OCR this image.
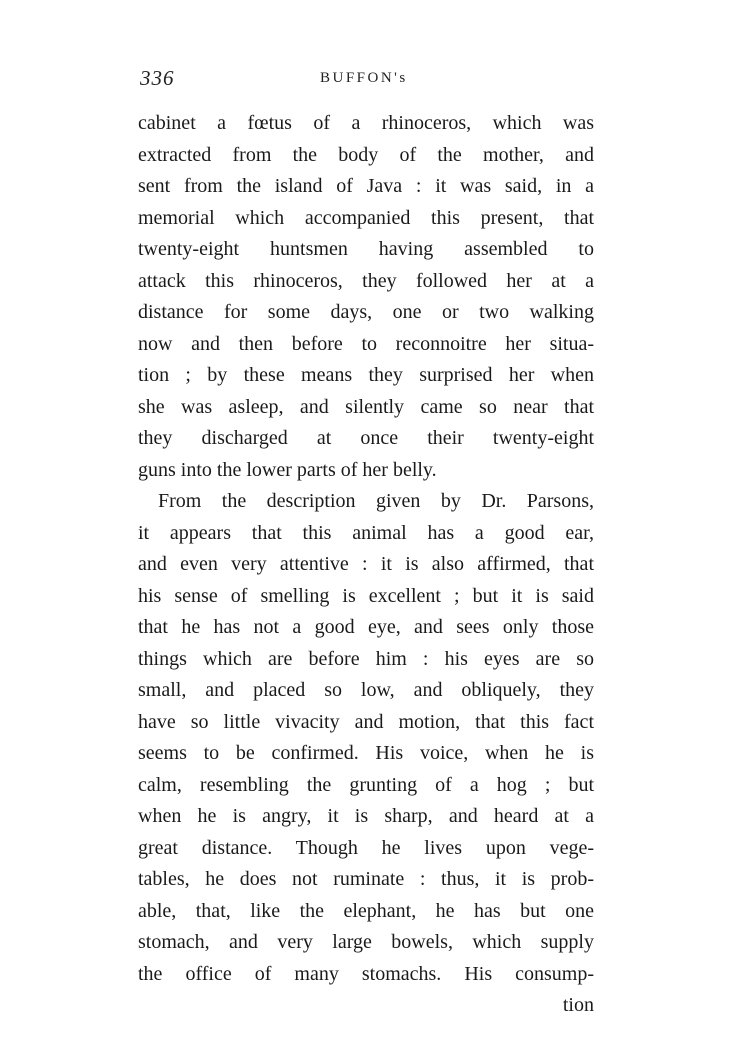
336	BUFFON's
cabinet a fœtus of a rhinoceros, which was
extracted from the body of the mother, and
sent from the island of Java : it was said, in a
memorial which accompanied this present, that
twenty-eight huntsmen having assembled to
attack this rhinoceros, they followed her at a
distance for some days, one or two walking
now and then before to reconnoitre her situa-
tion ; by these means they surprised her when
she was asleep, and silently came so near that
they discharged at once their twenty-eight
guns into the lower parts of her belly.
From the description given by Dr. Parsons,
it appears that this animal has a good ear,
and even very attentive : it is also affirmed, that
his sense of smelling is excellent ; but it is said
that he has not a good eye, and sees only those
things which are before him : his eyes are so
small, and placed so low, and obliquely, they
have so little vivacity and motion, that this fact
seems to be confirmed. His voice, when he is
calm, resembling the grunting of a hog ; but
when he is angry, it is sharp, and heard at a
great distance. Though he lives upon vege-
tables, he does not ruminate : thus, it is prob-
able, that, like the elephant, he has but one
stomach, and very large bowels, which supply
the office of many stomachs. His consump-
tion
